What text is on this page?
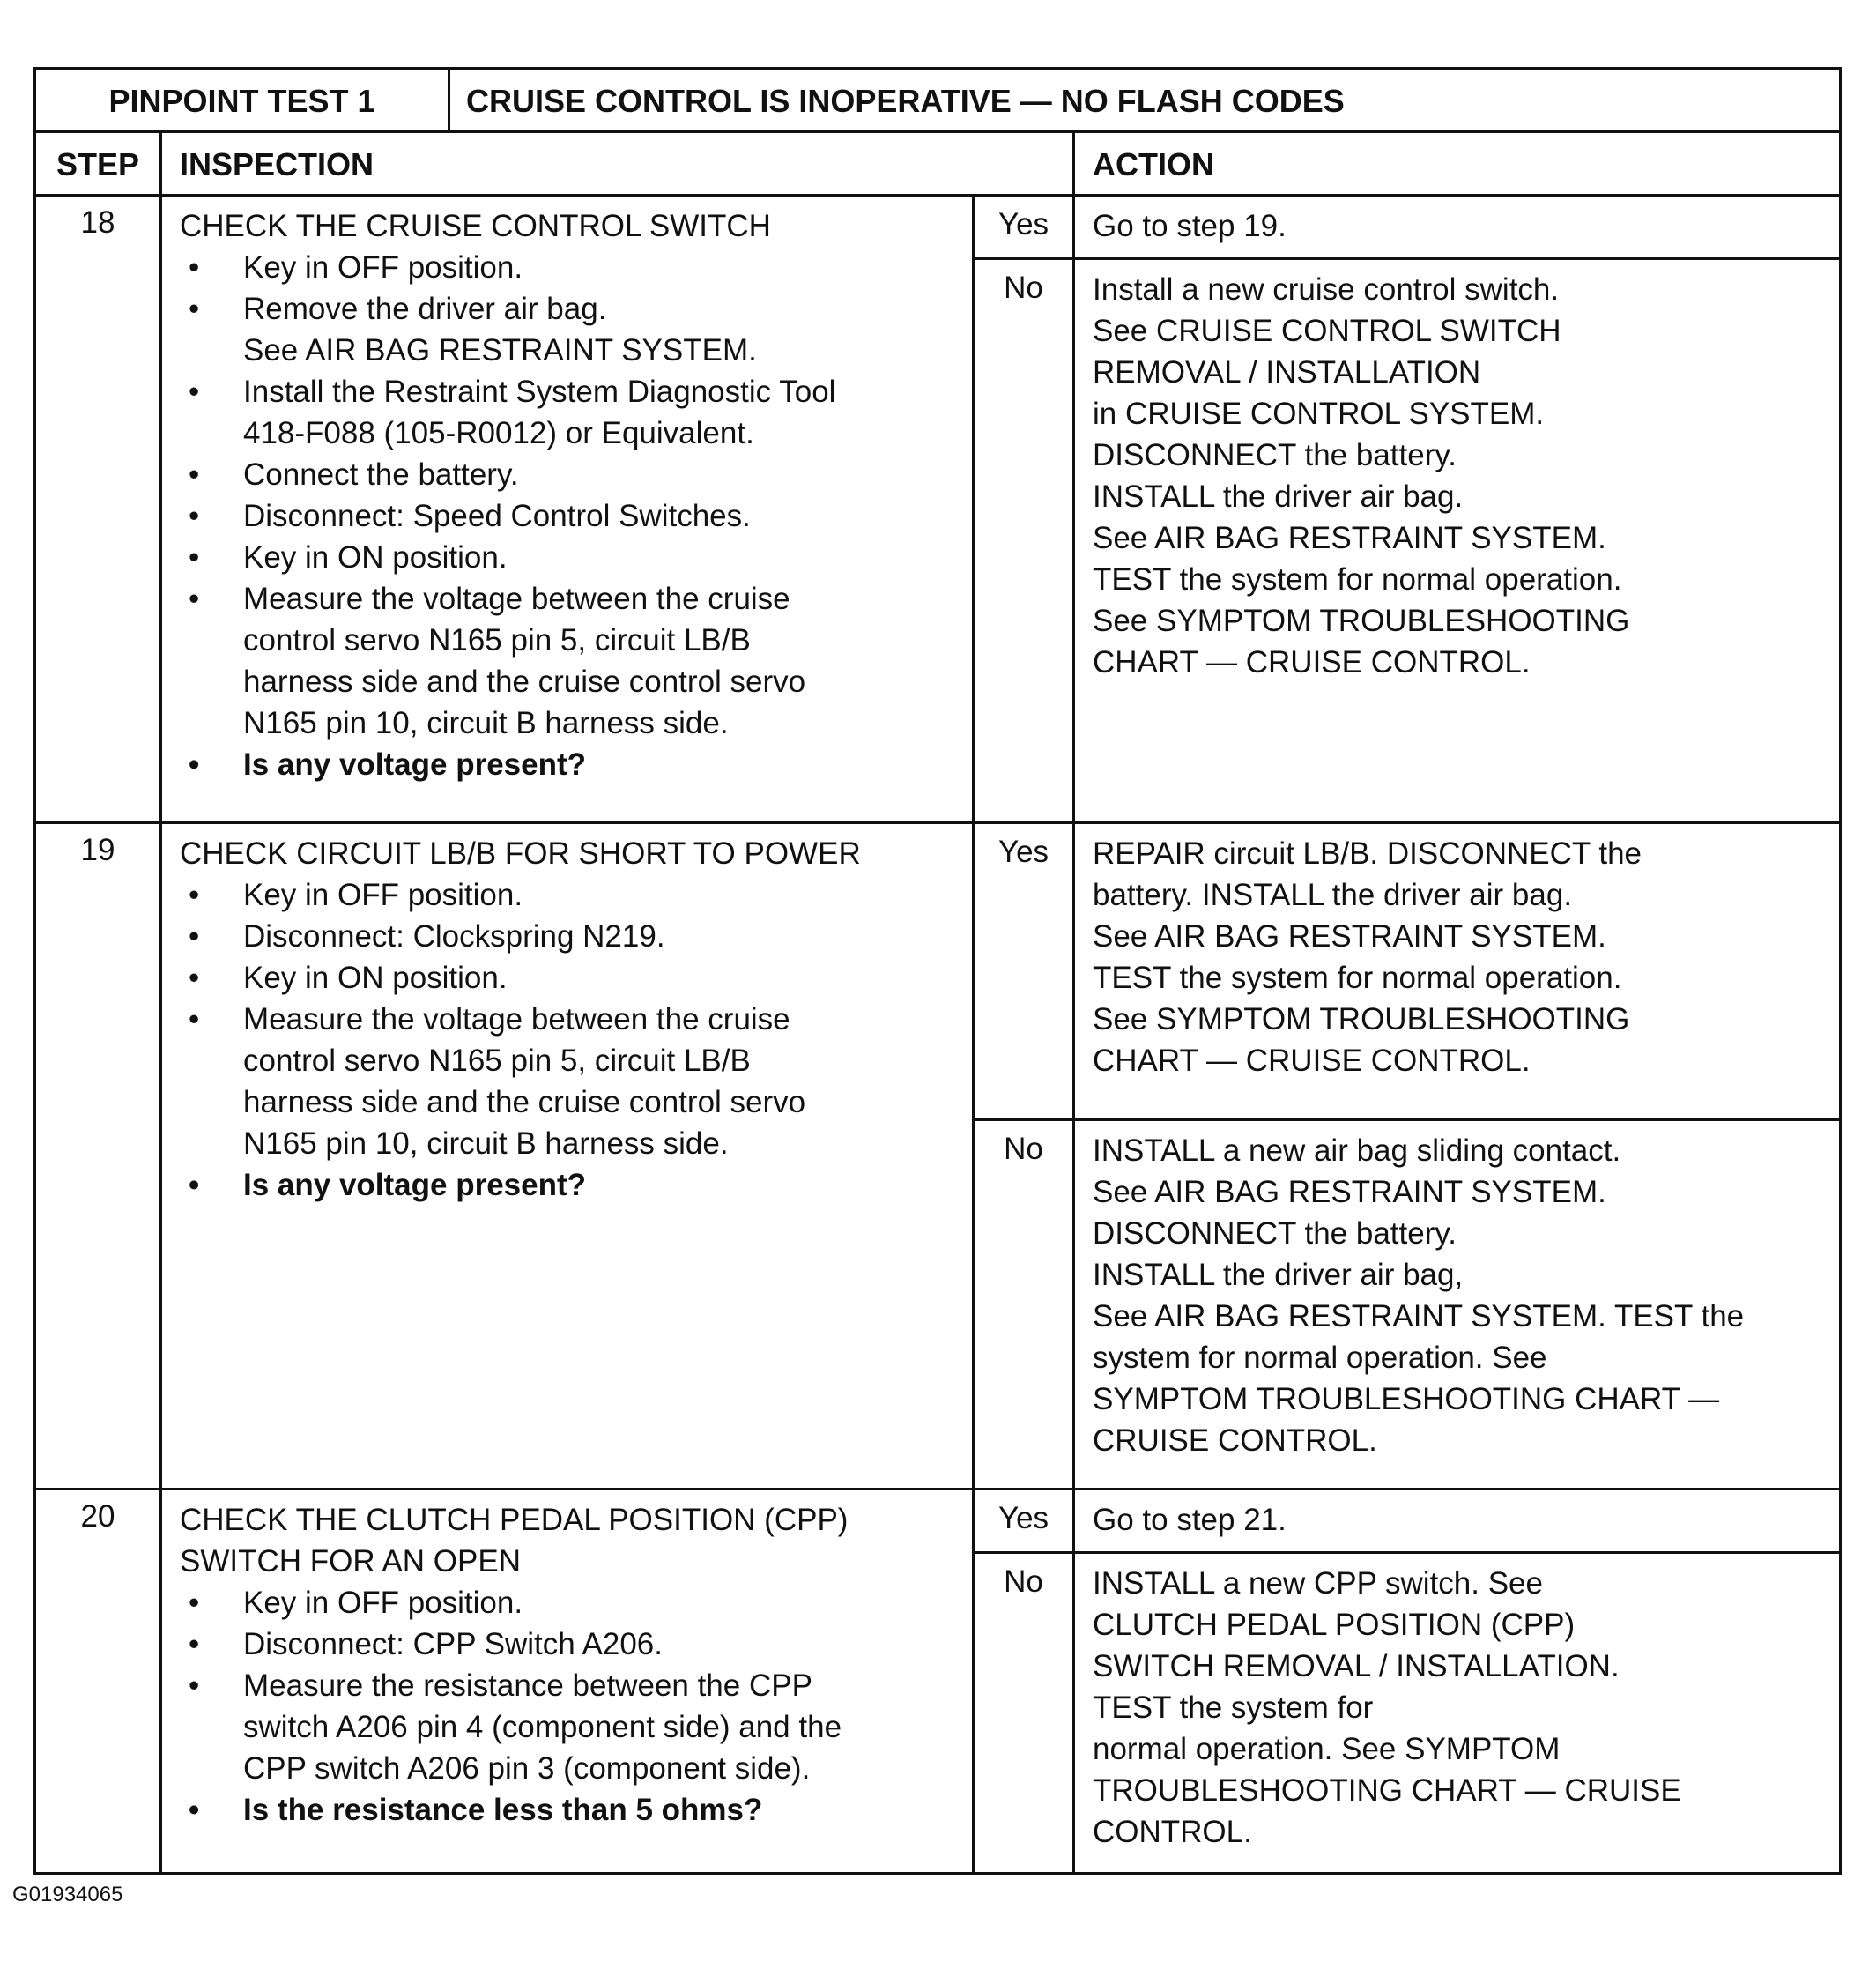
PINPOINT TEST 1	CRUISE CONTROL IS INOPERATIVE — NO FLASH CODES
STEP	INSPECTION	ACTION
18	CHECK THE CRUISE CONTROL SWITCH
• Key in OFF position.
• Remove the driver air bag.
See AIR BAG RESTRAINT SYSTEM.
• Install the Restraint System Diagnostic Tool
418-F088 (105-R0012) or Equivalent.
• Connect the battery.
• Disconnect: Speed Control Switches.
• Key in ON position.
• Measure the voltage between the cruise
control servo N165 pin 5, circuit LB/B
harness side and the cruise control servo
N165 pin 10, circuit B harness side.
• Is any voltage present?
Yes	Go to step 19.
No	Install a new cruise control switch.
See CRUISE CONTROL SWITCH
REMOVAL / INSTALLATION
in CRUISE CONTROL SYSTEM.
DISCONNECT the battery.
INSTALL the driver air bag.
See AIR BAG RESTRAINT SYSTEM.
TEST the system for normal operation.
See SYMPTOM TROUBLESHOOTING
CHART — CRUISE CONTROL.
19	CHECK CIRCUIT LB/B FOR SHORT TO POWER
• Key in OFF position.
• Disconnect: Clockspring N219.
• Key in ON position.
• Measure the voltage between the cruise
control servo N165 pin 5, circuit LB/B
harness side and the cruise control servo
N165 pin 10, circuit B harness side.
• Is any voltage present?
Yes	REPAIR circuit LB/B. DISCONNECT the
battery. INSTALL the driver air bag.
See AIR BAG RESTRAINT SYSTEM.
TEST the system for normal operation.
See SYMPTOM TROUBLESHOOTING
CHART — CRUISE CONTROL.
No	INSTALL a new air bag sliding contact.
See AIR BAG RESTRAINT SYSTEM.
DISCONNECT the battery.
INSTALL the driver air bag,
See AIR BAG RESTRAINT SYSTEM. TEST the
system for normal operation. See
SYMPTOM TROUBLESHOOTING CHART —
CRUISE CONTROL.
20	CHECK THE CLUTCH PEDAL POSITION (CPP)
SWITCH FOR AN OPEN
• Key in OFF position.
• Disconnect: CPP Switch A206.
• Measure the resistance between the CPP
switch A206 pin 4 (component side) and the
CPP switch A206 pin 3 (component side).
• Is the resistance less than 5 ohms?
Yes	Go to step 21.
No	INSTALL a new CPP switch. See
CLUTCH PEDAL POSITION (CPP)
SWITCH REMOVAL / INSTALLATION.
TEST the system for
normal operation. See SYMPTOM
TROUBLESHOOTING CHART — CRUISE
CONTROL.
G01934065
